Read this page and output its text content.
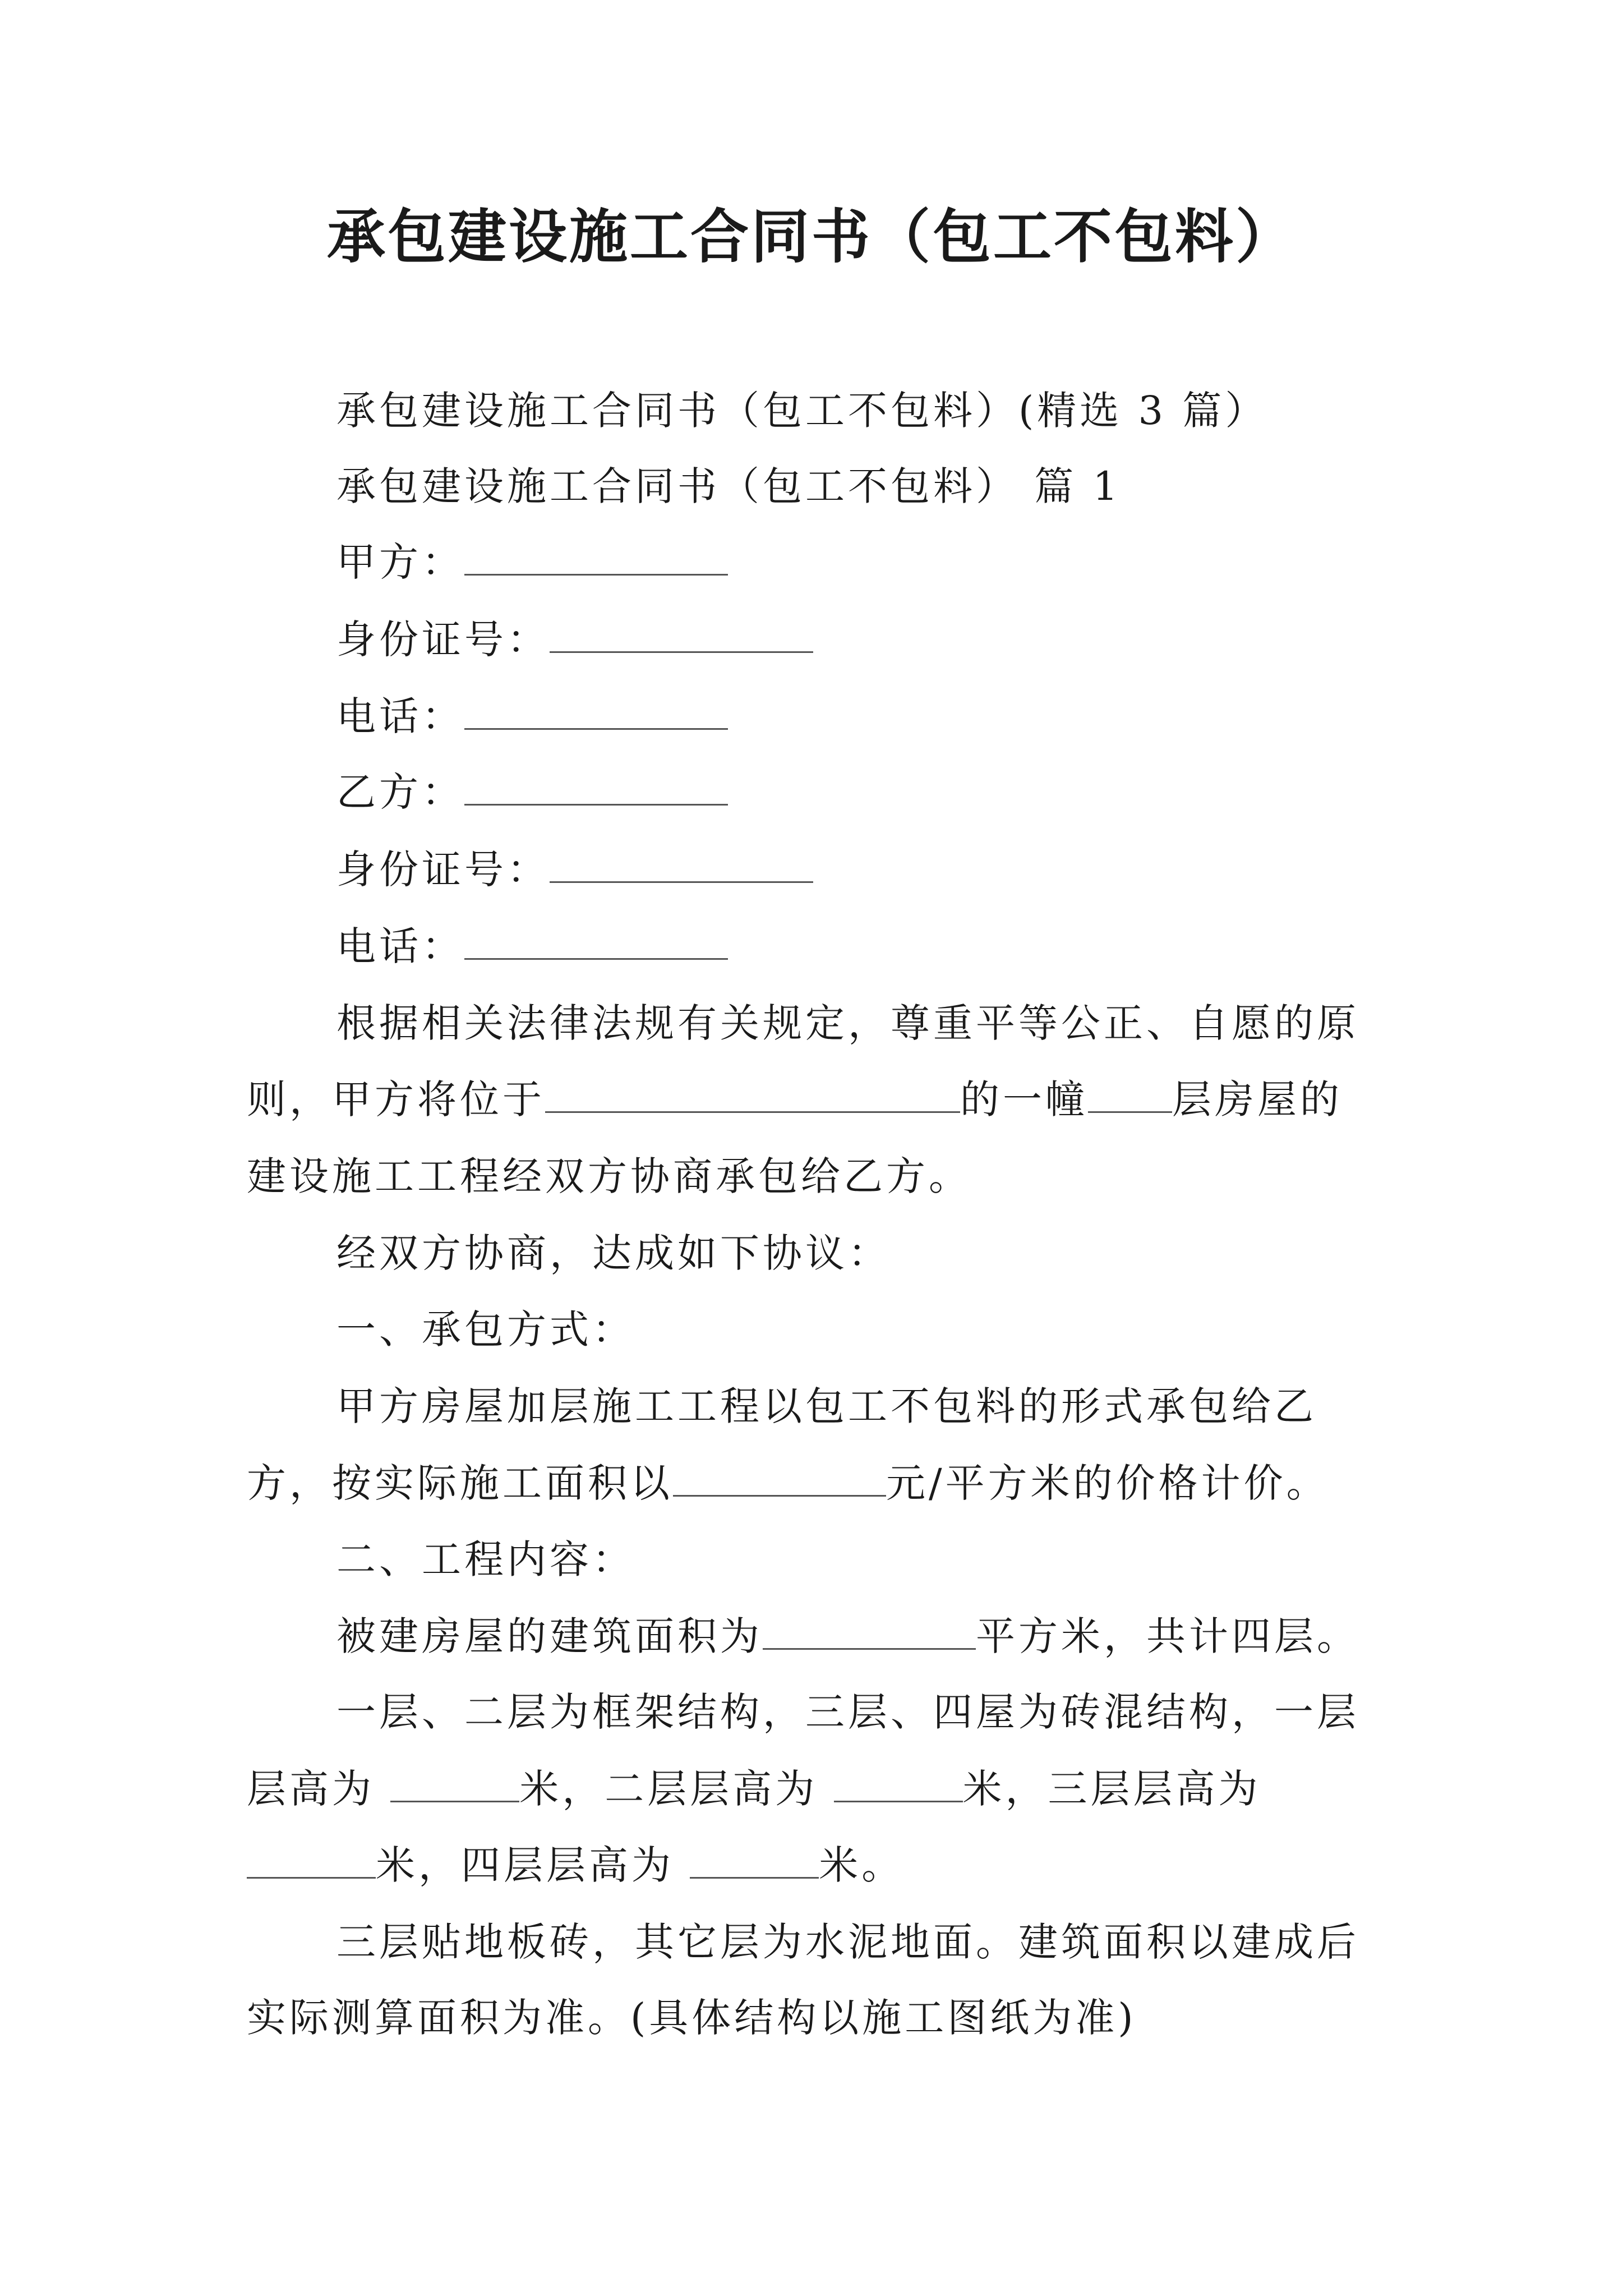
承包建设施工合同书（包工不包料）
承包建设施工合同书（包工不包料）(精选 3 篇）
承包建设施工合同书（包工不包料） 篇 1
甲方：
身份证号：
电话：
乙方：
身份证号：
电话：
根据相关法律法规有关规定，尊重平等公正、自愿的原
则，甲方将位于	的一幢 层房屋的
建设施工工程经双方协商承包给乙方。
经双方协商，达成如下协议：
一、承包方式：
甲方房屋加层施工工程以包工不包料的形式承包给乙
方，按实际施工面积以	元/平方米的价格计价。
二、工程内容：
被建房屋的建筑面积为	平方米，共计四层。
一层、二层为框架结构，三层、四屋为砖混结构，一层
层高为	米，二层层高为	米，三层层高为
米，四层层高为	米。
三层贴地板砖，其它层为水泥地面。建筑面积以建成后
实际测算面积为准。(具体结构以施工图纸为准)
